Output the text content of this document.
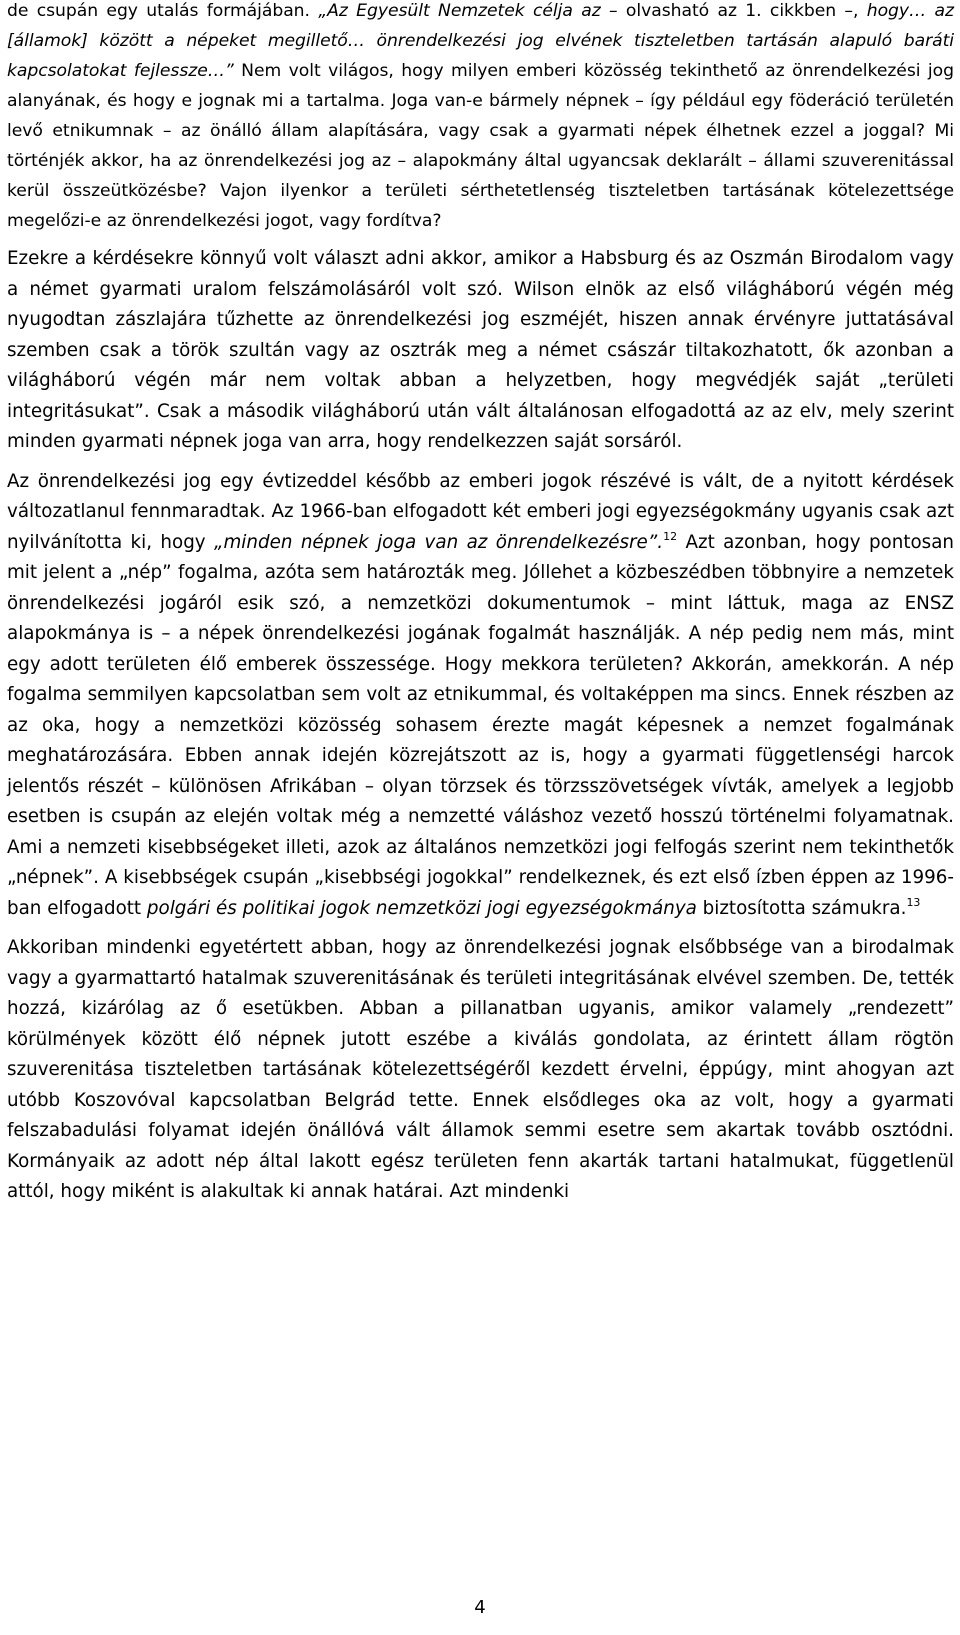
de csupán egy utalás formájában. „Az Egyesült Nemzetek célja az – olvasható az 1. cikkben –, hogy… az [államok] között a népeket megillető… önrendelkezési jog elvének tiszteletben tartásán alapuló baráti kapcsolatokat fejlessze…” Nem volt világos, hogy milyen emberi közösség tekinthető az önrendelkezési jog alanyának, és hogy e jognak mi a tartalma. Joga van-e bármely népnek – így például egy föderáció területén levő etnikumnak – az önálló állam alapítására, vagy csak a gyarmati népek élhetnek ezzel a joggal? Mi történjék akkor, ha az önrendelkezési jog az – alapokmány által ugyancsak deklarált – állami szuverenitással kerül összeütközésbe? Vajon ilyenkor a területi sérthetetlenség tiszteletben tartásának kötelezettsége megelőzi-e az önrendelkezési jogot, vagy fordítva?

Ezekre a kérdésekre könnyű volt választ adni akkor, amikor a Habsburg és az Oszmán Birodalom vagy a német gyarmati uralom felszámolásáról volt szó. Wilson elnök az első világháború végén még nyugodtan zászlajára tűzhette az önrendelkezési jog eszméjét, hiszen annak érvényre juttatásával szemben csak a török szultán vagy az osztrák meg a német császár tiltakozhatott, ők azonban a világháború végén már nem voltak abban a helyzetben, hogy megvédjék saját „területi integritásukat”. Csak a második világháború után vált általánosan elfogadottá az az elv, mely szerint minden gyarmati népnek joga van arra, hogy rendelkezzen saját sorsáról.

Az önrendelkezési jog egy évtizeddel később az emberi jogok részévé is vált, de a nyitott kérdések változatlanul fennmaradtak. Az 1966-ban elfogadott két emberi jogi egyezségokmány ugyanis csak azt nyilvánította ki, hogy „minden népnek joga van az önrendelkezésre”.$^{12}$ Azt azonban, hogy pontosan mit jelent a „nép” fogalma, azóta sem határozták meg. Jóllehet a közbeszédben többnyire a nemzetek önrendelkezési jogáról esik szó, a nemzetközi dokumentumok – mint láttuk, maga az ENSZ alapokmánya is – a népek önrendelkezési jogának fogalmát használják. A nép pedig nem más, mint egy adott területen élő emberek összessége. Hogy mekkora területen? Akkorán, amekkorán. A nép fogalma semmilyen kapcsolatban sem volt az etnikummal, és voltaképpen ma sincs. Ennek részben az az oka, hogy a nemzetközi közösség sohasem érezte magát képesnek a nemzet fogalmának meghatározására. Ebben annak idején közrejátszott az is, hogy a gyarmati függetlenségi harcok jelentős részét – különösen Afrikában – olyan törzsek és törzsszövetségek vívták, amelyek a legjobb esetben is csupán az elején voltak még a nemzetté váláshoz vezető hosszú történelmi folyamatnak. Ami a nemzeti kisebbségeket illeti, azok az általános nemzetközi jogi felfogás szerint nem tekinthetők „népnek”. A kisebbségek csupán „kisebbségi jogokkal” rendelkeznek, és ezt első ízben éppen az 1996-ban elfogadott polgári és politikai jogok nemzetközi jogi egyezségokmánya biztosította számukra.$^{13}$

Akkoriban mindenki egyetértett abban, hogy az önrendelkezési jognak elsőbbsége van a birodalmak vagy a gyarmattartó hatalmak szuverenitásának és területi integritásának elvével szemben. De, tették hozzá, kizárólag az ő esetükben. Abban a pillanatban ugyanis, amikor valamely „rendezett” körülmények között élő népnek jutott eszébe a kiválás gondolata, az érintett állam rögtön szuverenitása tiszteletben tartásának kötelezettségéről kezdett érvelni, éppúgy, mint ahogyan azt utóbb Koszovóval kapcsolatban Belgrád tette. Ennek elsődleges oka az volt, hogy a gyarmati felszabadulási folyamat idején önállóvá vált államok semmi esetre sem akartak tovább osztódni. Kormányaik az adott nép által lakott egész területen fenn akarták tartani hatalmukat, függetlenül attól, hogy miként is alakultak ki annak határai. Azt mindenki

4
